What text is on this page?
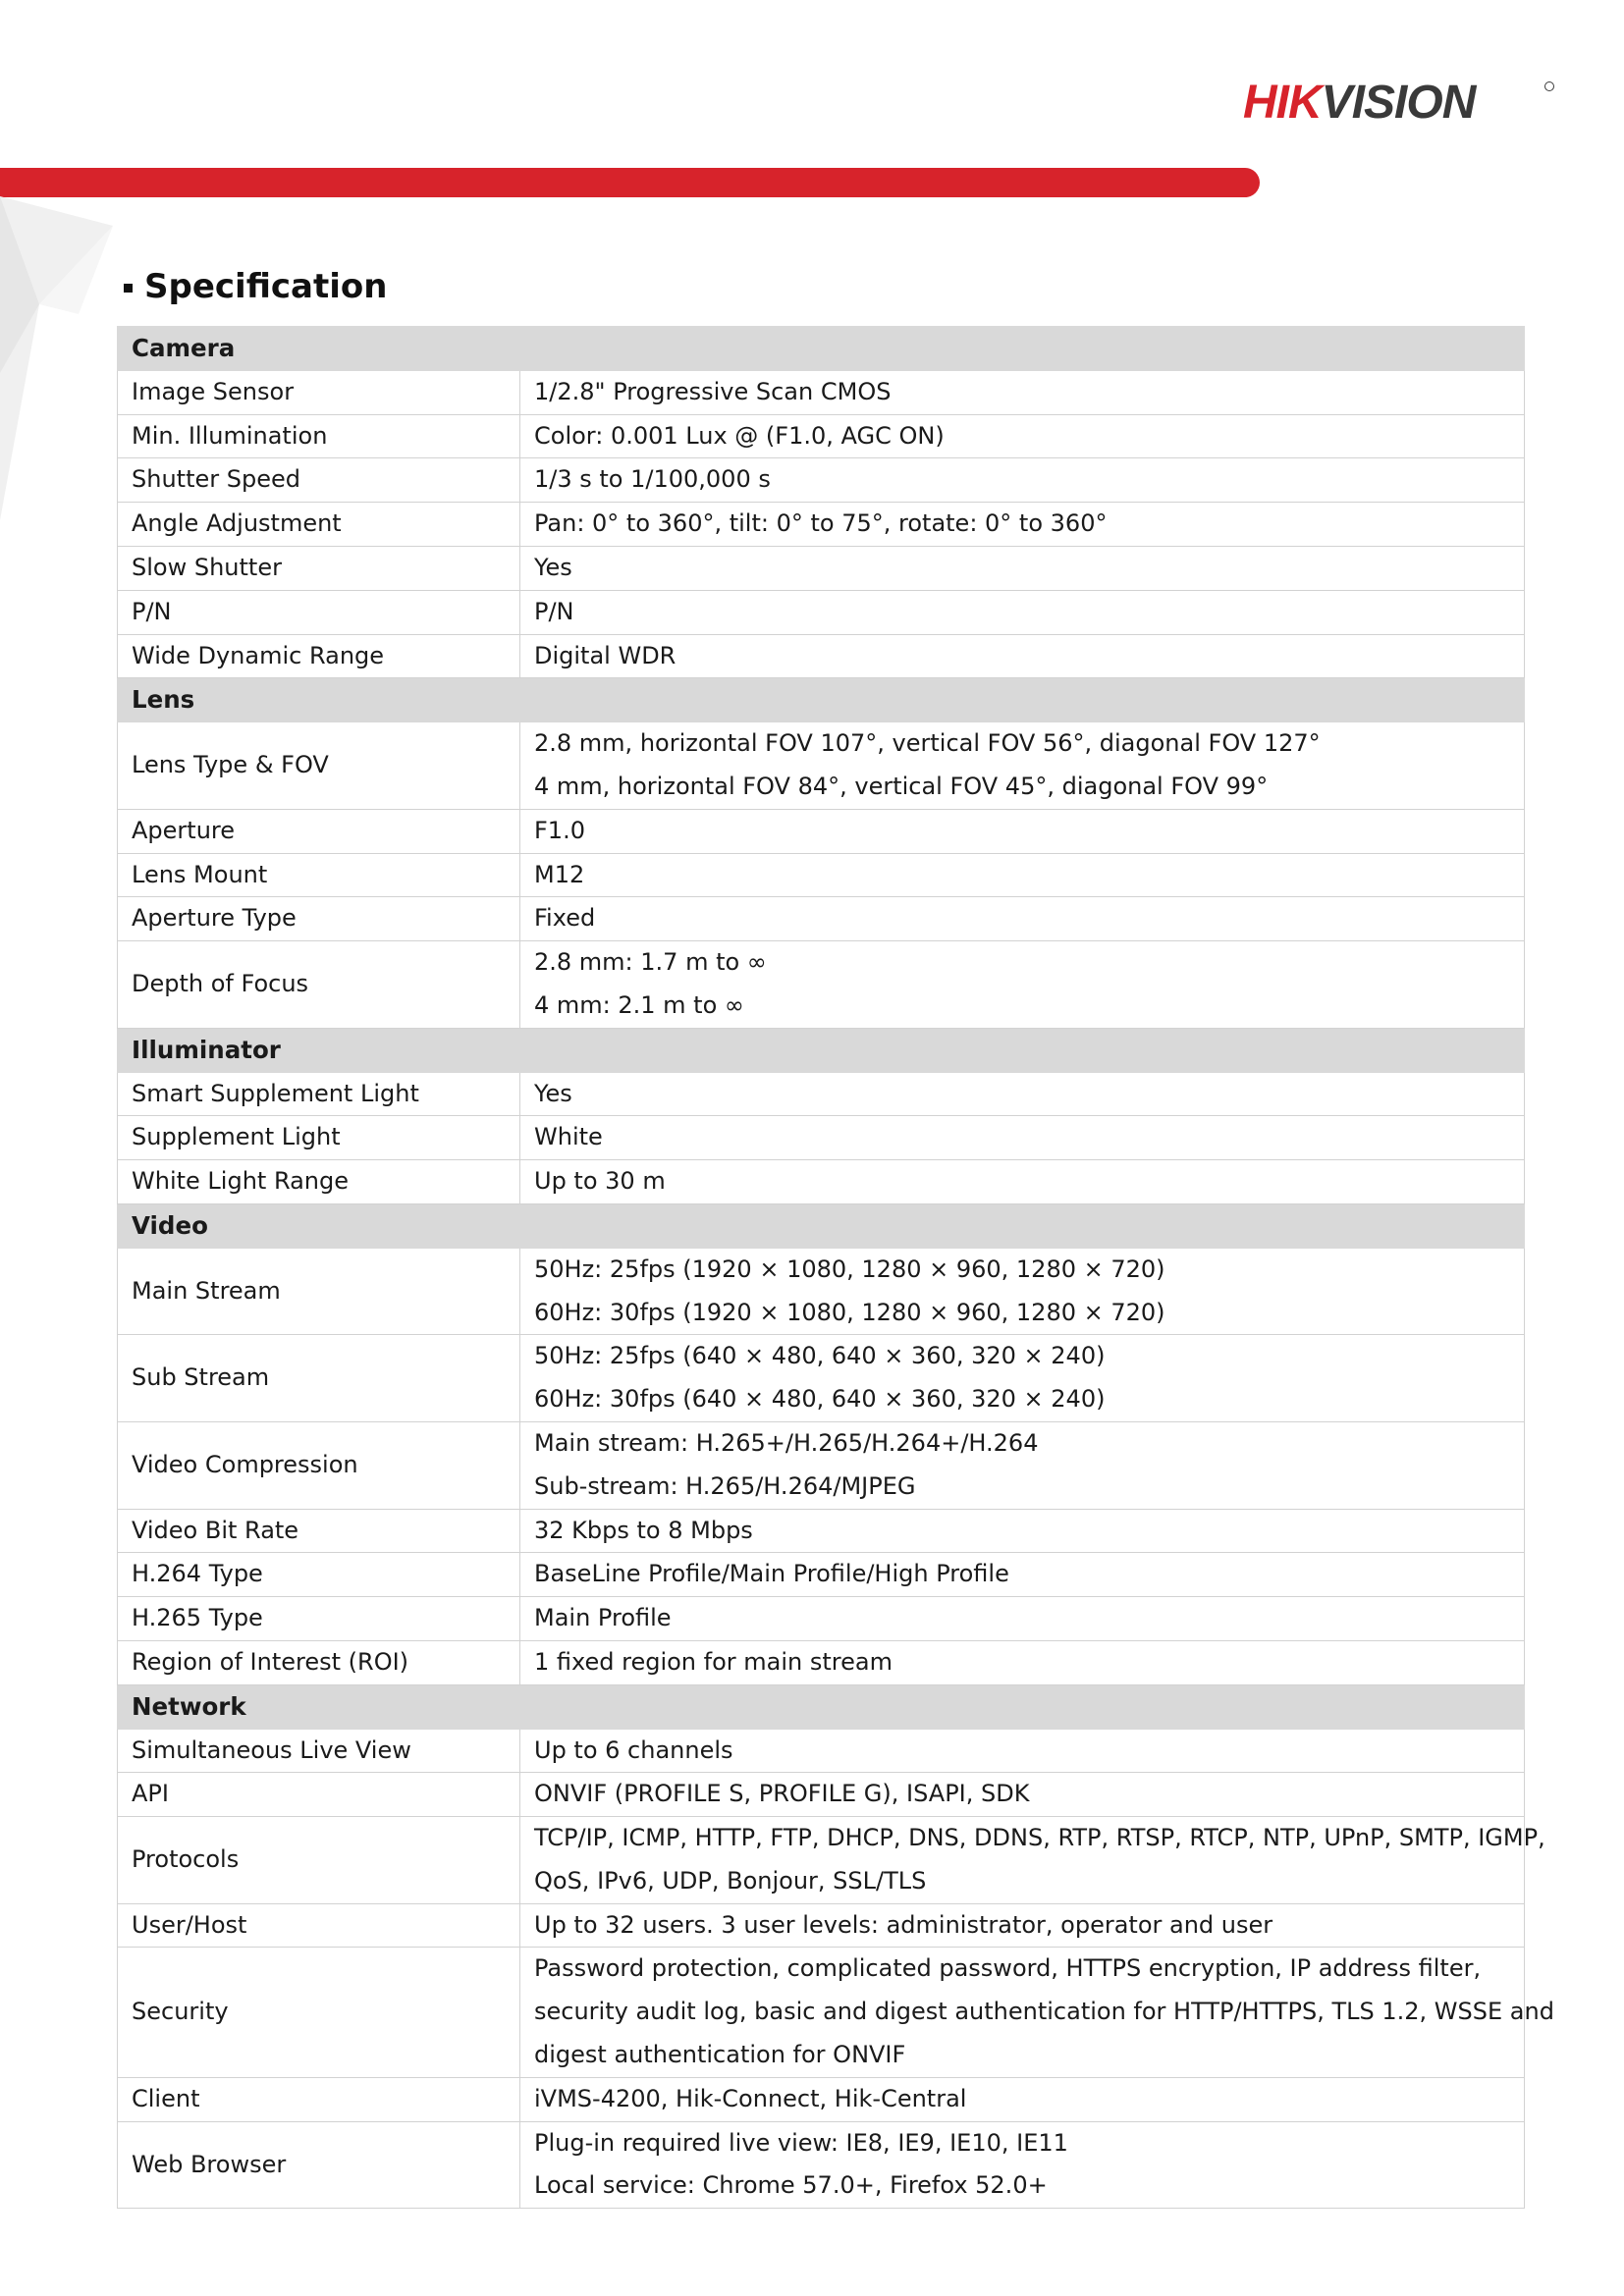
HIKVISION
Specification
Camera	
Image Sensor	1/2.8" Progressive Scan CMOS

Min. Illumination	Color: 0.001 Lux @ (F1.0, AGC ON)

Shutter Speed	1/3 s to 1/100,000 s

Angle Adjustment	Pan: 0° to 360°, tilt: 0° to 75°, rotate: 0° to 360°

Slow Shutter	Yes

P/N	P/N

Wide Dynamic Range	Digital WDR

Lens	
Lens Type & FOV	2.8 mm, horizontal FOV 107°, vertical FOV 56°, diagonal FOV 127°
4 mm, horizontal FOV 84°, vertical FOV 45°, diagonal FOV 99°

Aperture	F1.0

Lens Mount	M12

Aperture Type	Fixed

Depth of Focus	2.8 mm: 1.7 m to ∞
4 mm: 2.1 m to ∞

Illuminator	
Smart Supplement Light	Yes

Supplement Light	White

White Light Range	Up to 30 m

Video	
Main Stream	50Hz: 25fps (1920 × 1080, 1280 × 960, 1280 × 720)
60Hz: 30fps (1920 × 1080, 1280 × 960, 1280 × 720)

Sub Stream	50Hz: 25fps (640 × 480, 640 × 360, 320 × 240)
60Hz: 30fps (640 × 480, 640 × 360, 320 × 240)

Video Compression	Main stream: H.265+/H.265/H.264+/H.264
Sub-stream: H.265/H.264/MJPEG

Video Bit Rate	32 Kbps to 8 Mbps

H.264 Type	BaseLine Profile/Main Profile/High Profile

H.265 Type	Main Profile

Region of Interest (ROI)	1 fixed region for main stream

Network	
Simultaneous Live View	Up to 6 channels

API	ONVIF (PROFILE S, PROFILE G), ISAPI, SDK

Protocols	TCP/IP, ICMP, HTTP, FTP, DHCP, DNS, DDNS, RTP, RTSP, RTCP, NTP, UPnP, SMTP, IGMP,
QoS, IPv6, UDP, Bonjour, SSL/TLS

User/Host	Up to 32 users. 3 user levels: administrator, operator and user

Security	Password protection, complicated password, HTTPS encryption, IP address filter,
security audit log, basic and digest authentication for HTTP/HTTPS, TLS 1.2, WSSE and
digest authentication for ONVIF

Client	iVMS-4200, Hik-Connect, Hik-Central

Web Browser	Plug-in required live view: IE8, IE9, IE10, IE11
Local service: Chrome 57.0+, Firefox 52.0+
